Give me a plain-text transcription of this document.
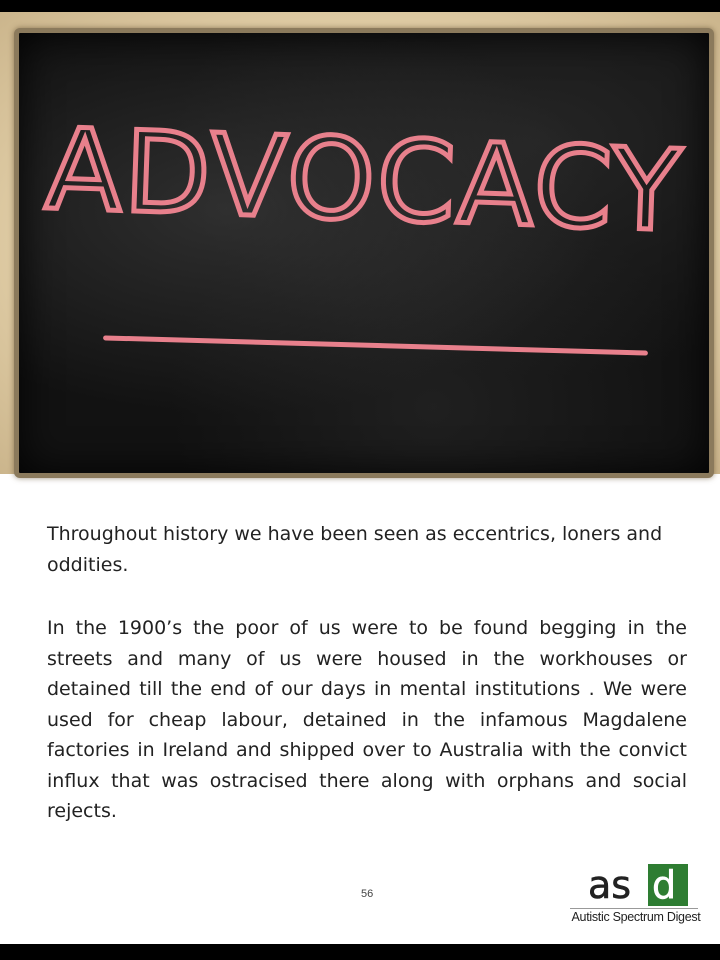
ADVOCACY

Throughout history we have been seen as eccentrics, loners and oddities.

In the 1900’s the poor of us were to be found begging in the streets and many of us were housed in the workhouses or detained till the end of our days in mental institutions . We were used for cheap labour, detained in the infamous Magdalene factories in Ireland and shipped over to Australia with the convict influx that was ostracised there along with orphans and social rejects.

56	as d
Autistic Spectrum Digest
